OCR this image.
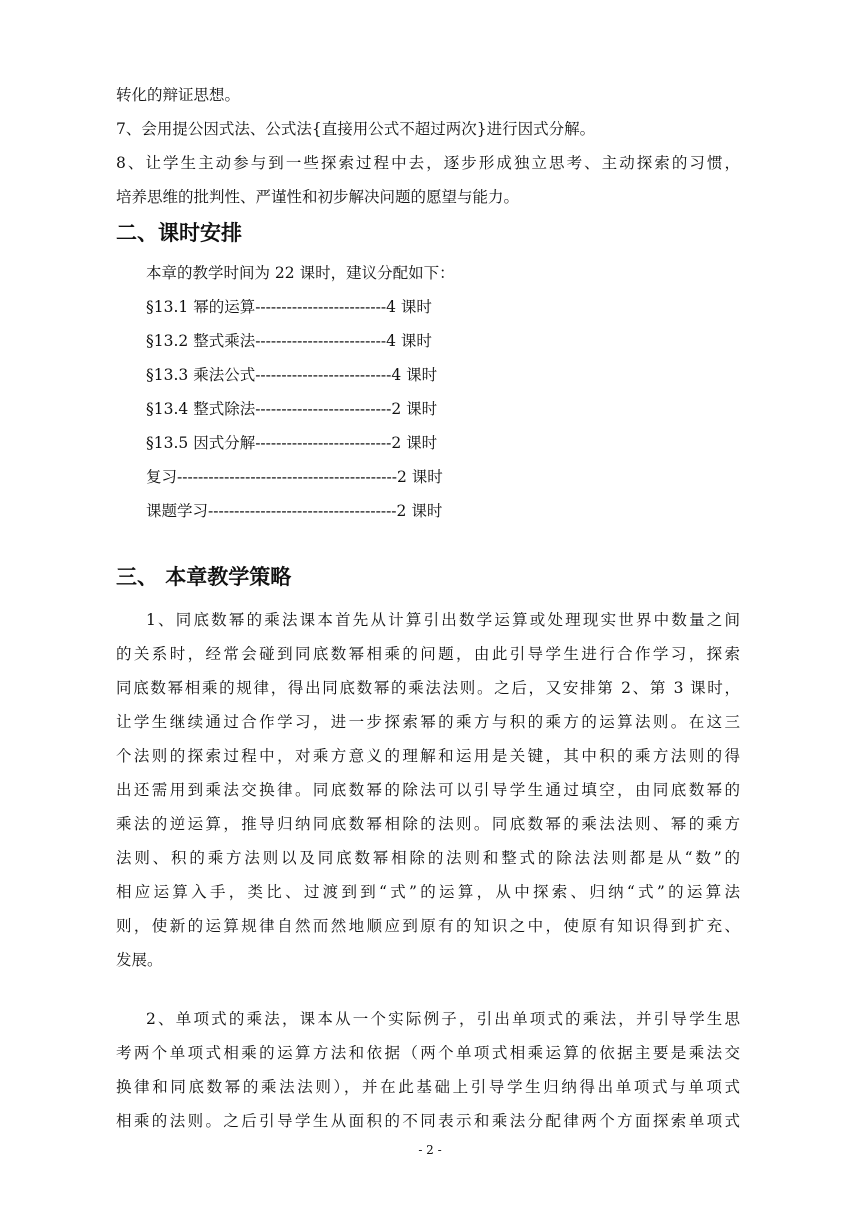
转化的辩证思想。
7、会用提公因式法、公式法{直接用公式不超过两次}进行因式分解。
8、让学生主动参与到一些探索过程中去，逐步形成独立思考、主动探索的习惯，
培养思维的批判性、严谨性和初步解决问题的愿望与能力。
二、课时安排
本章的教学时间为 22 课时，建议分配如下：
§13.1 幂的运算-------------------------4 课时
§13.2 整式乘法-------------------------4 课时
§13.3 乘法公式--------------------------4 课时
§13.4 整式除法--------------------------2 课时
§13.5 因式分解--------------------------2 课时
复习------------------------------------------2 课时
课题学习------------------------------------2 课时
三、 本章教学策略
1、同底数幂的乘法课本首先从计算引出数学运算或处理现实世界中数量之间
的关系时，经常会碰到同底数幂相乘的问题，由此引导学生进行合作学习，探索
同底数幂相乘的规律，得出同底数幂的乘法法则。之后，又安排第 2、第 3 课时，
让学生继续通过合作学习，进一步探索幂的乘方与积的乘方的运算法则。在这三
个法则的探索过程中，对乘方意义的理解和运用是关键，其中积的乘方法则的得
出还需用到乘法交换律。同底数幂的除法可以引导学生通过填空，由同底数幂的
乘法的逆运算，推导归纳同底数幂相除的法则。同底数幂的乘法法则、幂的乘方
法则、积的乘方法则以及同底数幂相除的法则和整式的除法法则都是从“数”的
相应运算入手，类比、过渡到到“式”的运算，从中探索、归纳“式”的运算法
则，使新的运算规律自然而然地顺应到原有的知识之中，使原有知识得到扩充、
发展。
2、单项式的乘法，课本从一个实际例子，引出单项式的乘法，并引导学生思
考两个单项式相乘的运算方法和依据（两个单项式相乘运算的依据主要是乘法交
换律和同底数幂的乘法法则），并在此基础上引导学生归纳得出单项式与单项式
相乘的法则。之后引导学生从面积的不同表示和乘法分配律两个方面探索单项式
- 2 -
